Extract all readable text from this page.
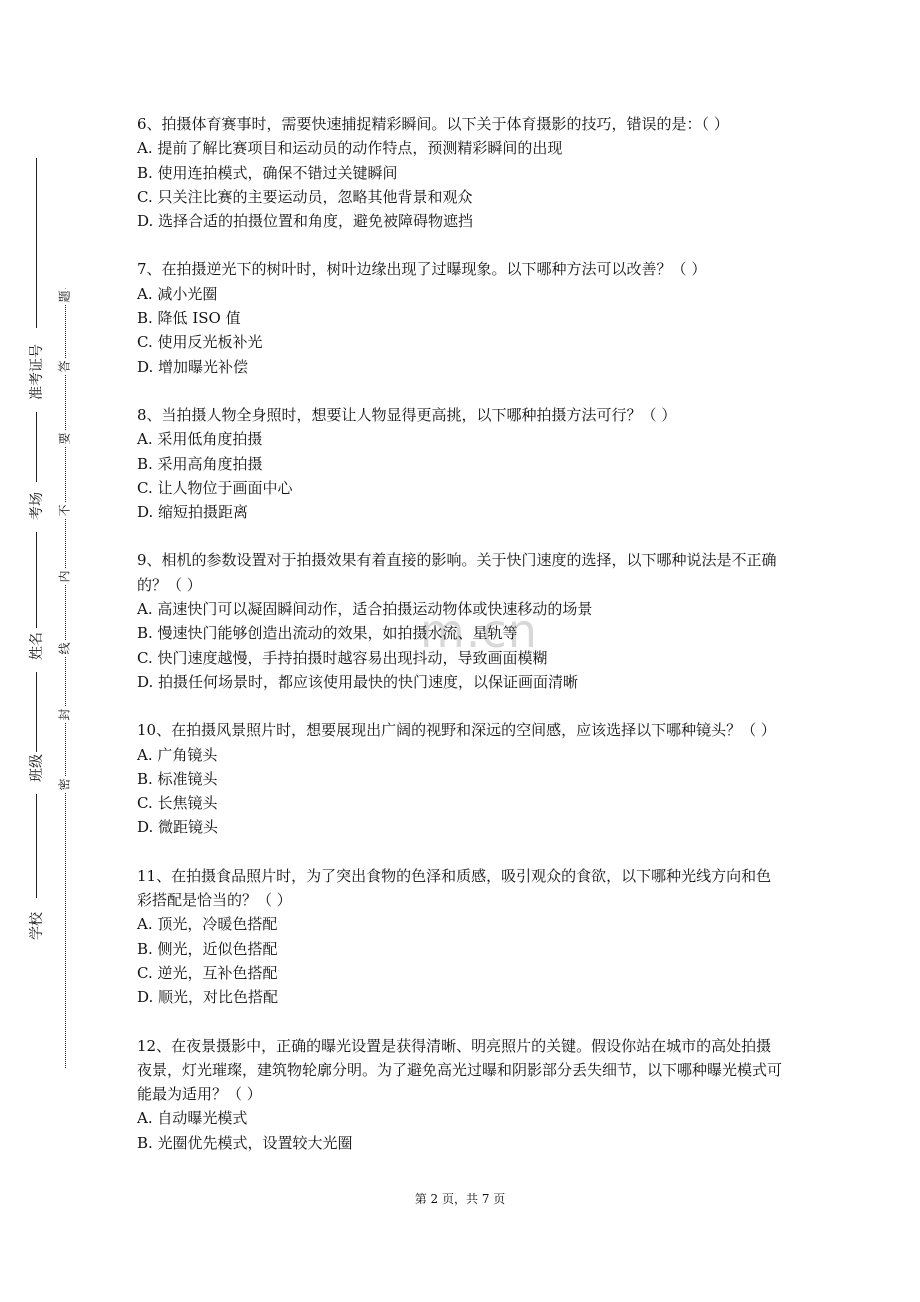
题
答
要
不
内
线
封
密
准考证号
考场
姓名
班级
学校
m.cn

6、拍摄体育赛事时，需要快速捕捉精彩瞬间。以下关于体育摄影的技巧，错误的是：（ ）

A. 提前了解比赛项目和运动员的动作特点，预测精彩瞬间的出现
B. 使用连拍模式，确保不错过关键瞬间
C. 只关注比赛的主要运动员，忽略其他背景和观众
D. 选择合适的拍摄位置和角度，避免被障碍物遮挡

7、在拍摄逆光下的树叶时，树叶边缘出现了过曝现象。以下哪种方法可以改善？（ ）

A. 减小光圈
B. 降低 ISO 值
C. 使用反光板补光
D. 增加曝光补偿

8、当拍摄人物全身照时，想要让人物显得更高挑，以下哪种拍摄方法可行？（ ）

A. 采用低角度拍摄
B. 采用高角度拍摄
C. 让人物位于画面中心
D. 缩短拍摄距离

9、相机的参数设置对于拍摄效果有着直接的影响。关于快门速度的选择，以下哪种说法是不正确的？（ ）

A. 高速快门可以凝固瞬间动作，适合拍摄运动物体或快速移动的场景
B. 慢速快门能够创造出流动的效果，如拍摄水流、星轨等
C. 快门速度越慢，手持拍摄时越容易出现抖动，导致画面模糊
D. 拍摄任何场景时，都应该使用最快的快门速度，以保证画面清晰

10、在拍摄风景照片时，想要展现出广阔的视野和深远的空间感，应该选择以下哪种镜头？（ ）

A. 广角镜头
B. 标准镜头
C. 长焦镜头
D. 微距镜头

11、在拍摄食品照片时，为了突出食物的色泽和质感，吸引观众的食欲，以下哪种光线方向和色彩搭配是恰当的？（ ）

A. 顶光，冷暖色搭配
B. 侧光，近似色搭配
C. 逆光，互补色搭配
D. 顺光，对比色搭配

12、在夜景摄影中，正确的曝光设置是获得清晰、明亮照片的关键。假设你站在城市的高处拍摄夜景，灯光璀璨，建筑物轮廓分明。为了避免高光过曝和阴影部分丢失细节，以下哪种曝光模式可能最为适用？（ ）

A. 自动曝光模式
B. 光圈优先模式，设置较大光圈
第 2 页，共 7 页
